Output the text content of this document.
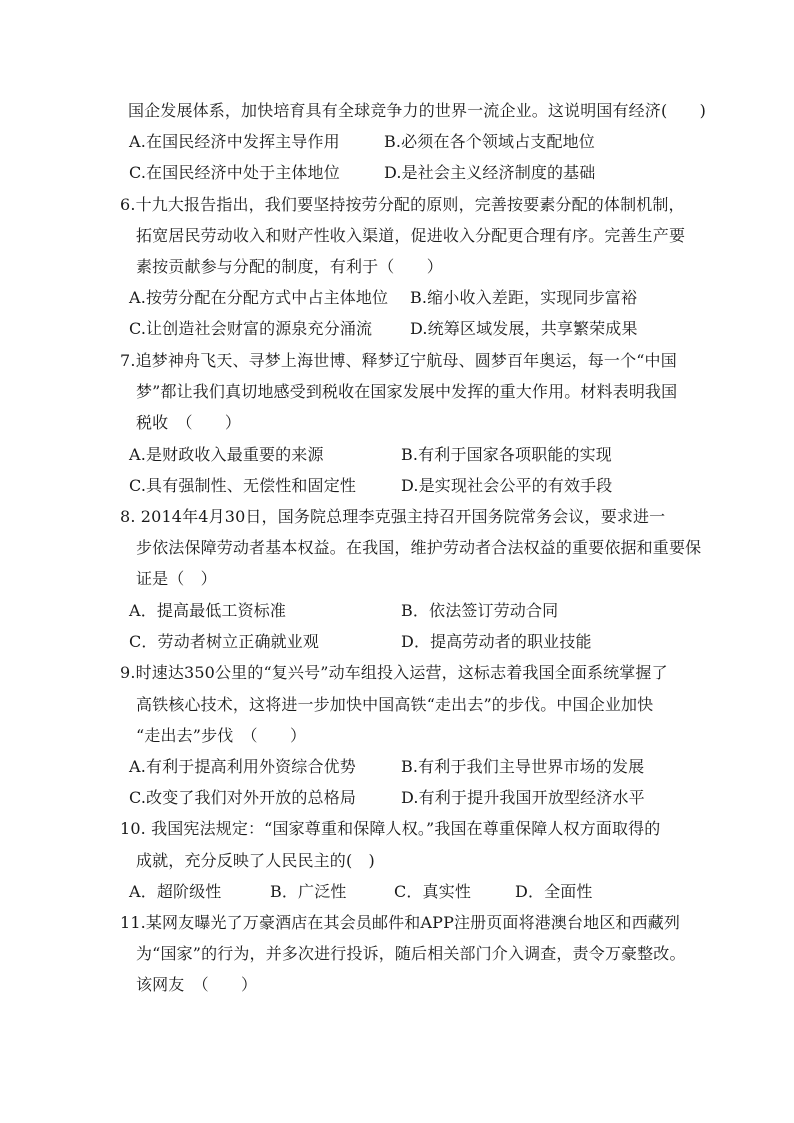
国企发展体系，加快培育具有全球竞争力的世界一流企业。这说明国有经济(　　)
A.在国民经济中发挥主导作用	B.必须在各个领域占支配地位
C.在国民经济中处于主体地位	D.是社会主义经济制度的基础
6.十九大报告指出，我们要坚持按劳分配的原则，完善按要素分配的体制机制，
拓宽居民劳动收入和财产性收入渠道，促进收入分配更合理有序。完善生产要
素按贡献参与分配的制度，有利于（　　）
A.按劳分配在分配方式中占主体地位 B.缩小收入差距，实现同步富裕
C.让创造社会财富的源泉充分涌流 D.统筹区域发展，共享繁荣成果
7.追梦神舟飞天、寻梦上海世博、释梦辽宁航母、圆梦百年奥运，每一个“中国
梦”都让我们真切地感受到税收在国家发展中发挥的重大作用。材料表明我国
税收　（　　）
A.是财政收入最重要的来源	B.有利于国家各项职能的实现
C.具有强制性、无偿性和固定性	D.是实现社会公平的有效手段
8. 2014年4月30日，国务院总理李克强主持召开国务院常务会议，要求进一
步依法保障劳动者基本权益。在我国，维护劳动者合法权益的重要依据和重要保
证是（　）
A．提高最低工资标准	B．依法签订劳动合同
C．劳动者树立正确就业观	D．提高劳动者的职业技能
9.时速达350公里的“复兴号”动车组投入运营，这标志着我国全面系统掌握了
高铁核心技术，这将进一步加快中国高铁“走出去”的步伐。中国企业加快
“走出去”步伐　（　　）
A.有利于提高利用外资综合优势	B.有利于我们主导世界市场的发展
C.改变了我们对外开放的总格局	D.有利于提升我国开放型经济水平
10. 我国宪法规定：“国家尊重和保障人权。”我国在尊重保障人权方面取得的
成就，充分反映了人民民主的(　)
A．超阶级性	B．广泛性	C．真实性	D．全面性
11.某网友曝光了万豪酒店在其会员邮件和APP注册页面将港澳台地区和西藏列
为“国家”的行为，并多次进行投诉，随后相关部门介入调查，责令万豪整改。
该网友　（　　）
